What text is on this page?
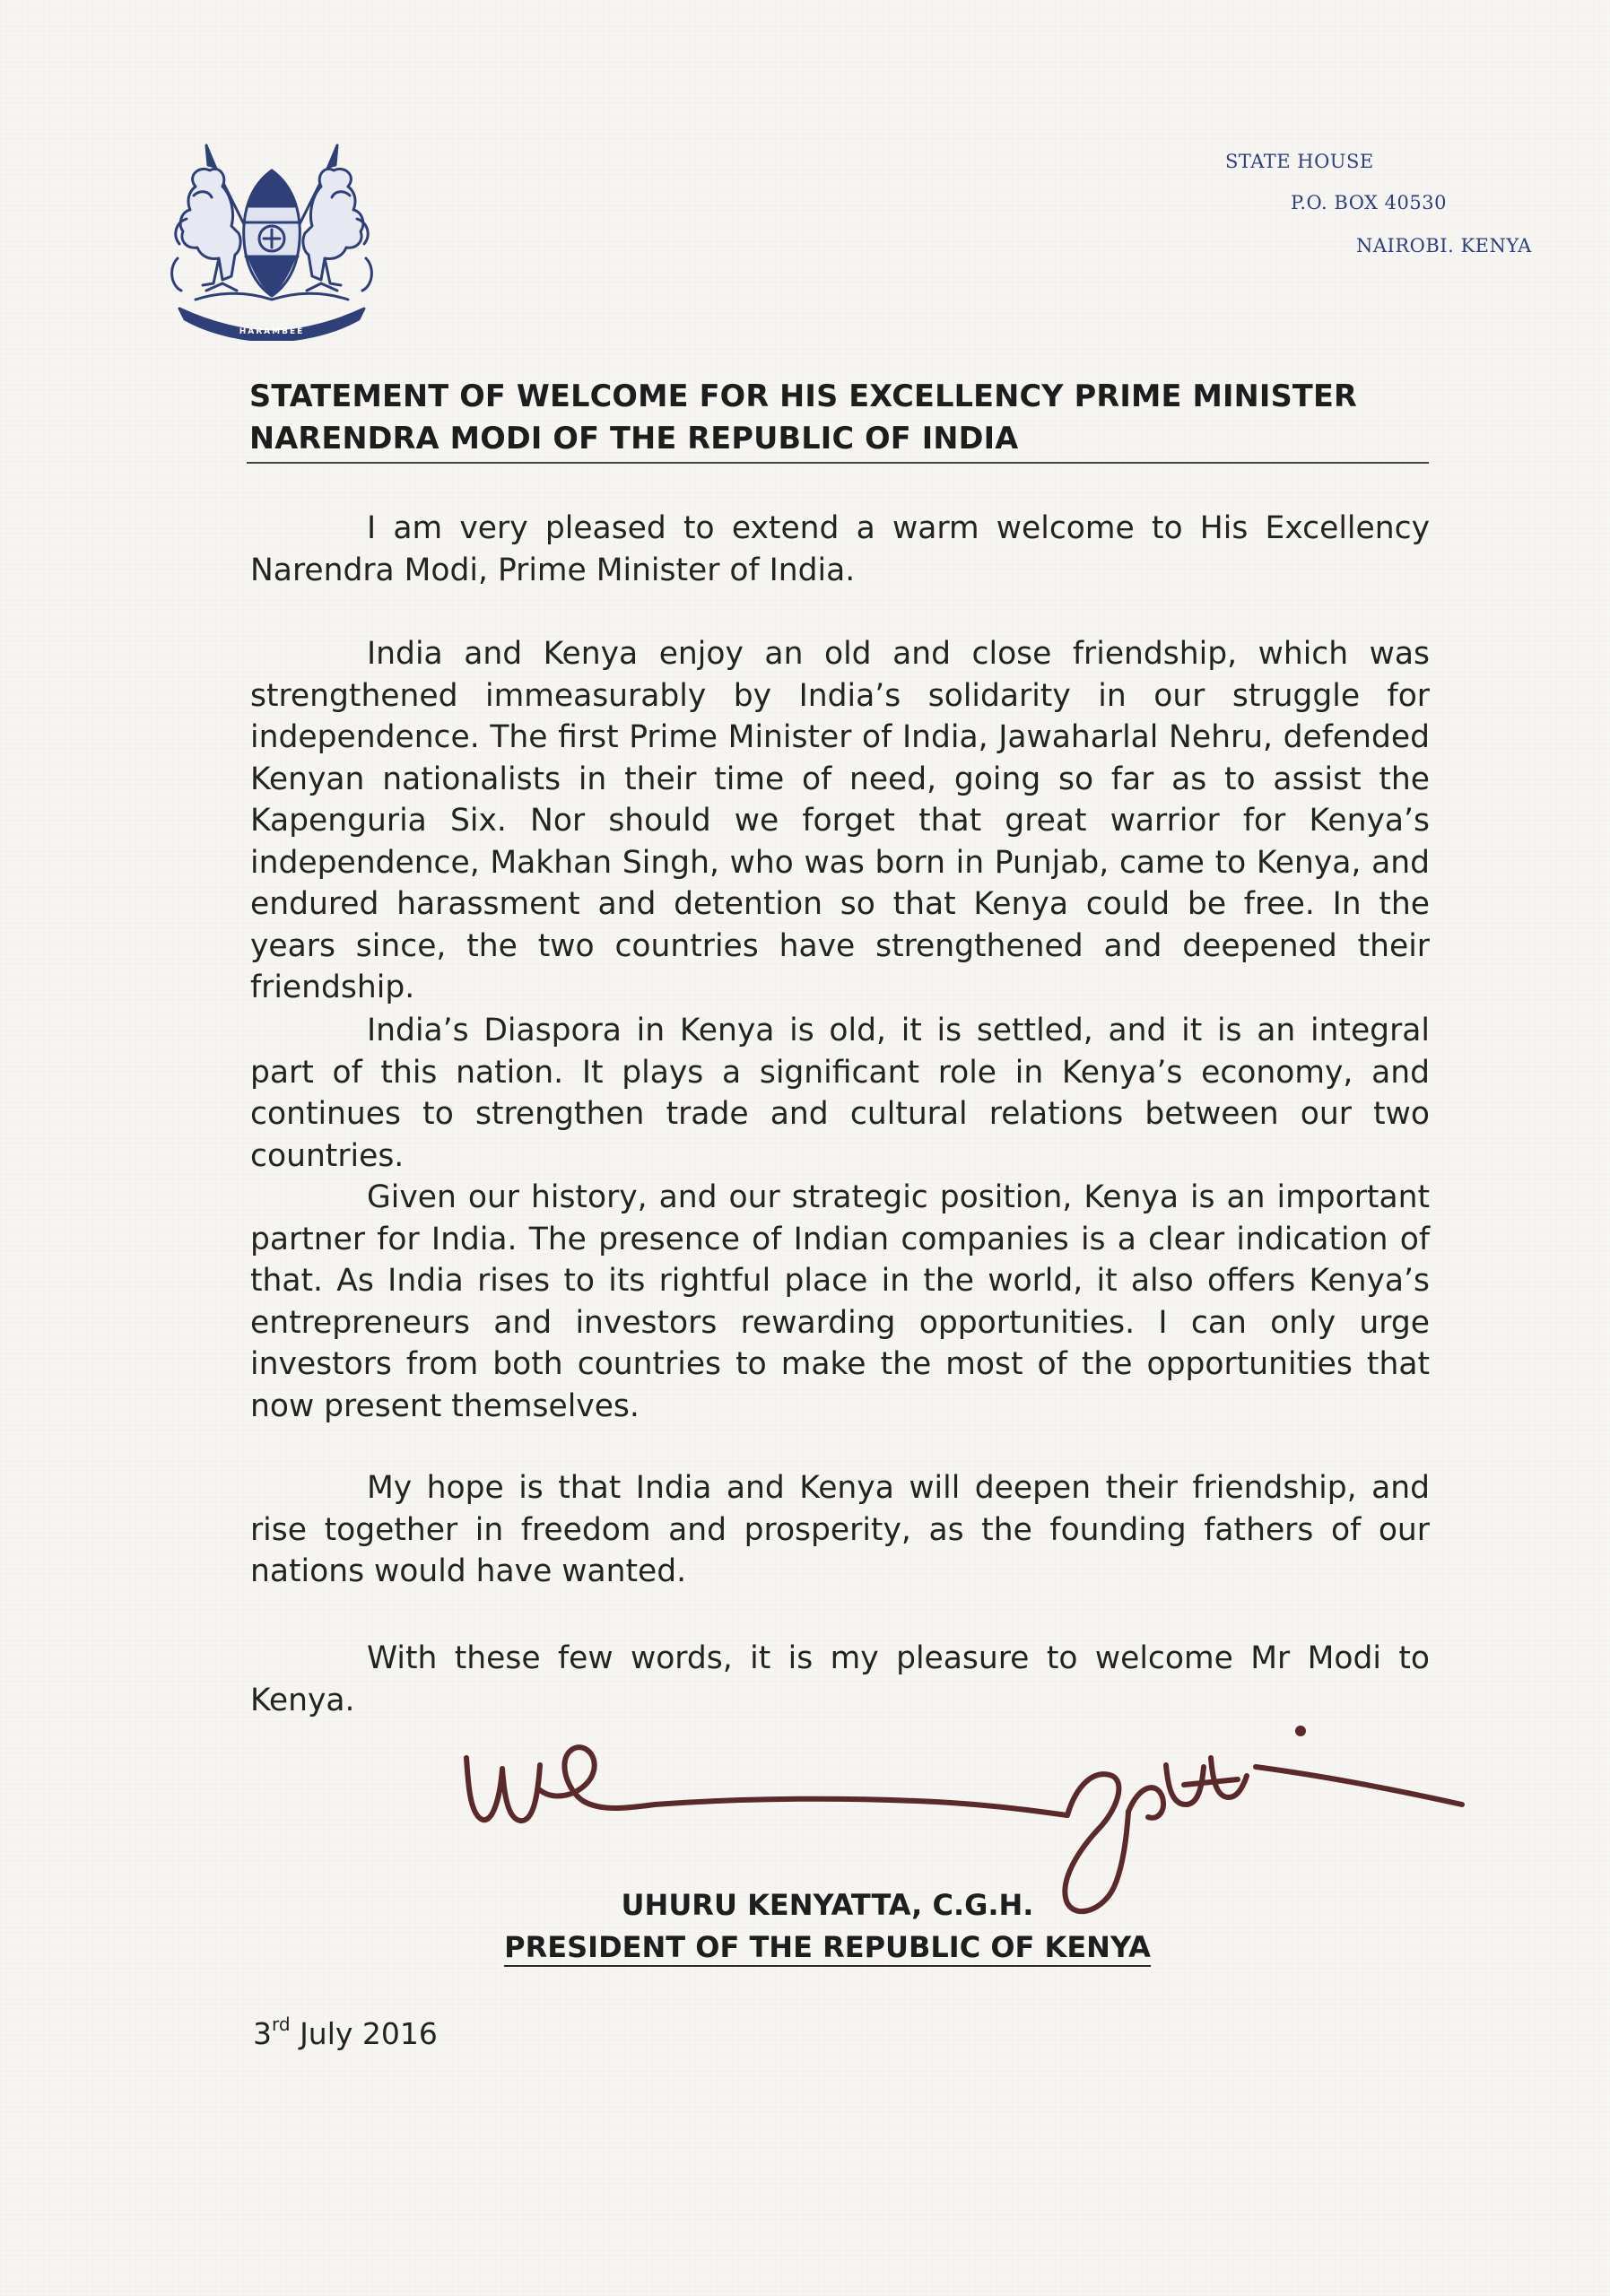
HARAMBEE
STATE HOUSE
P.O. BOX 40530
NAIROBI. KENYA
STATEMENT OF WELCOME FOR HIS EXCELLENCY PRIME MINISTER
NARENDRA MODI OF THE REPUBLIC OF INDIA

I am very pleased to extend a warm welcome to His Excellency Narendra Modi, Prime Minister of India.

India and Kenya enjoy an old and close friendship, which was strengthened immeasurably by India’s solidarity in our struggle for independence. The first Prime Minister of India, Jawaharlal Nehru, defended Kenyan nationalists in their time of need, going so far as to assist the Kapenguria Six. Nor should we forget that great warrior for Kenya’s independence, Makhan Singh, who was born in Punjab, came to Kenya, and endured harassment and detention so that Kenya could be free. In the years since, the two countries have strengthened and deepened their friendship.

India’s Diaspora in Kenya is old, it is settled, and it is an integral part of this nation. It plays a significant role in Kenya’s economy, and continues to strengthen trade and cultural relations between our two countries.

Given our history, and our strategic position, Kenya is an important partner for India. The presence of Indian companies is a clear indication of that. As India rises to its rightful place in the world, it also offers Kenya’s entrepreneurs and investors rewarding opportunities. I can only urge investors from both countries to make the most of the opportunities that now present themselves.

My hope is that India and Kenya will deepen their friendship, and rise together in freedom and prosperity, as the founding fathers of our nations would have wanted.

With these few words, it is my pleasure to welcome Mr Modi to Kenya.

UHURU KENYATTA, C.G.H.
PRESIDENT OF THE REPUBLIC OF KENYA
3rd July 2016
